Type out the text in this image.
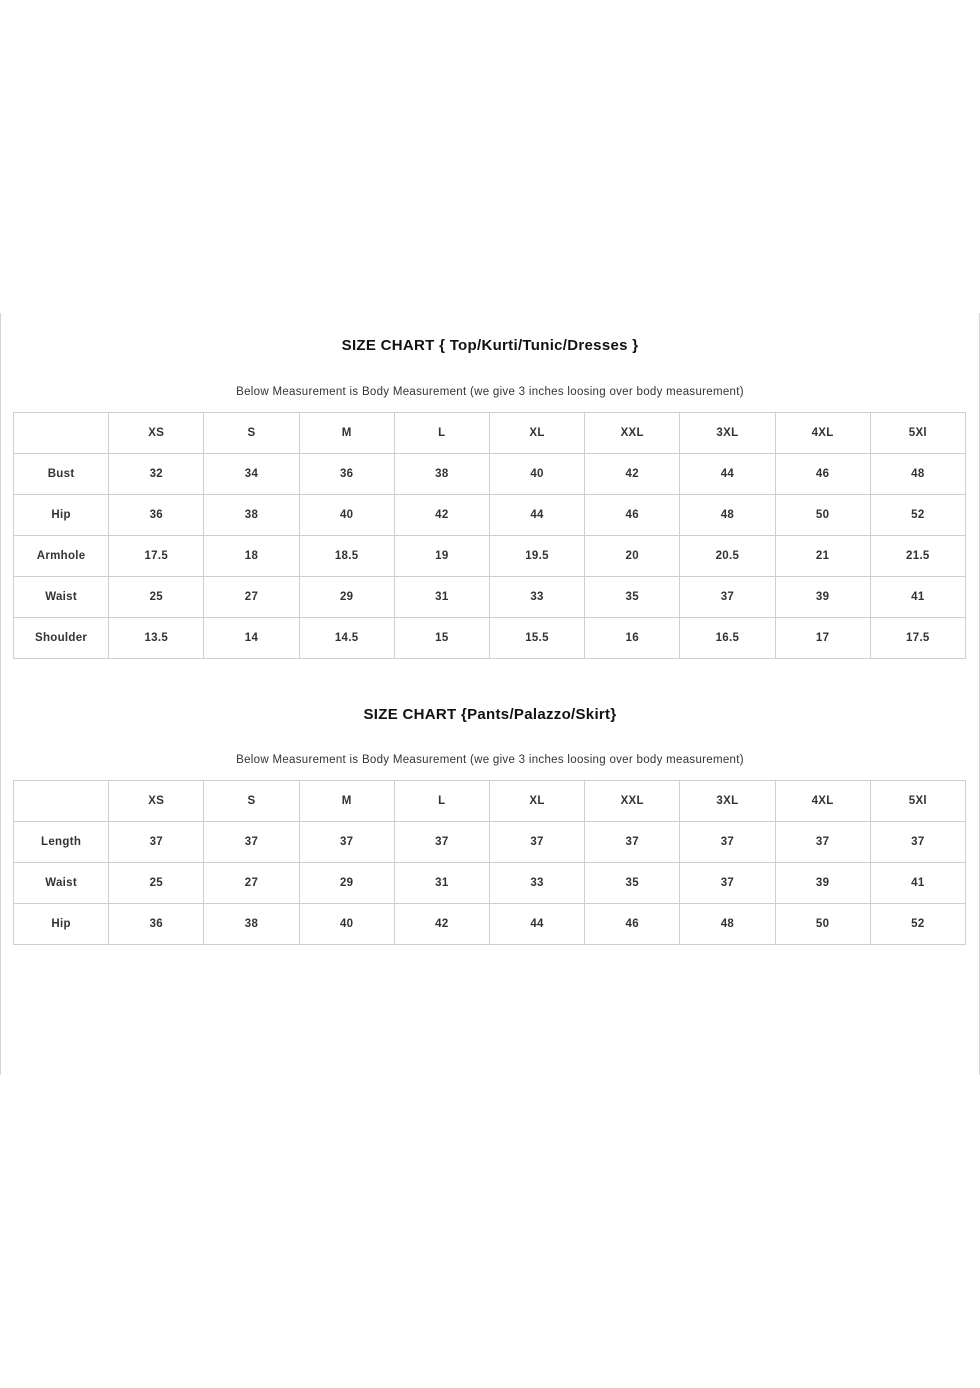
SIZE CHART { Top/Kurti/Tunic/Dresses }
Below Measurement is Body Measurement (we give 3 inches loosing over body measurement)
	XS	S	M	L	XL	XXL	3XL	4XL	5Xl
Bust	32	34	36	38	40	42	44	46	48
Hip	36	38	40	42	44	46	48	50	52
Armhole	17.5	18	18.5	19	19.5	20	20.5	21	21.5
Waist	25	27	29	31	33	35	37	39	41
Shoulder	13.5	14	14.5	15	15.5	16	16.5	17	17.5
SIZE CHART {Pants/Palazzo/Skirt}
Below Measurement is Body Measurement (we give 3 inches loosing over body measurement)
	XS	S	M	L	XL	XXL	3XL	4XL	5Xl
Length	37	37	37	37	37	37	37	37	37
Waist	25	27	29	31	33	35	37	39	41
Hip	36	38	40	42	44	46	48	50	52
